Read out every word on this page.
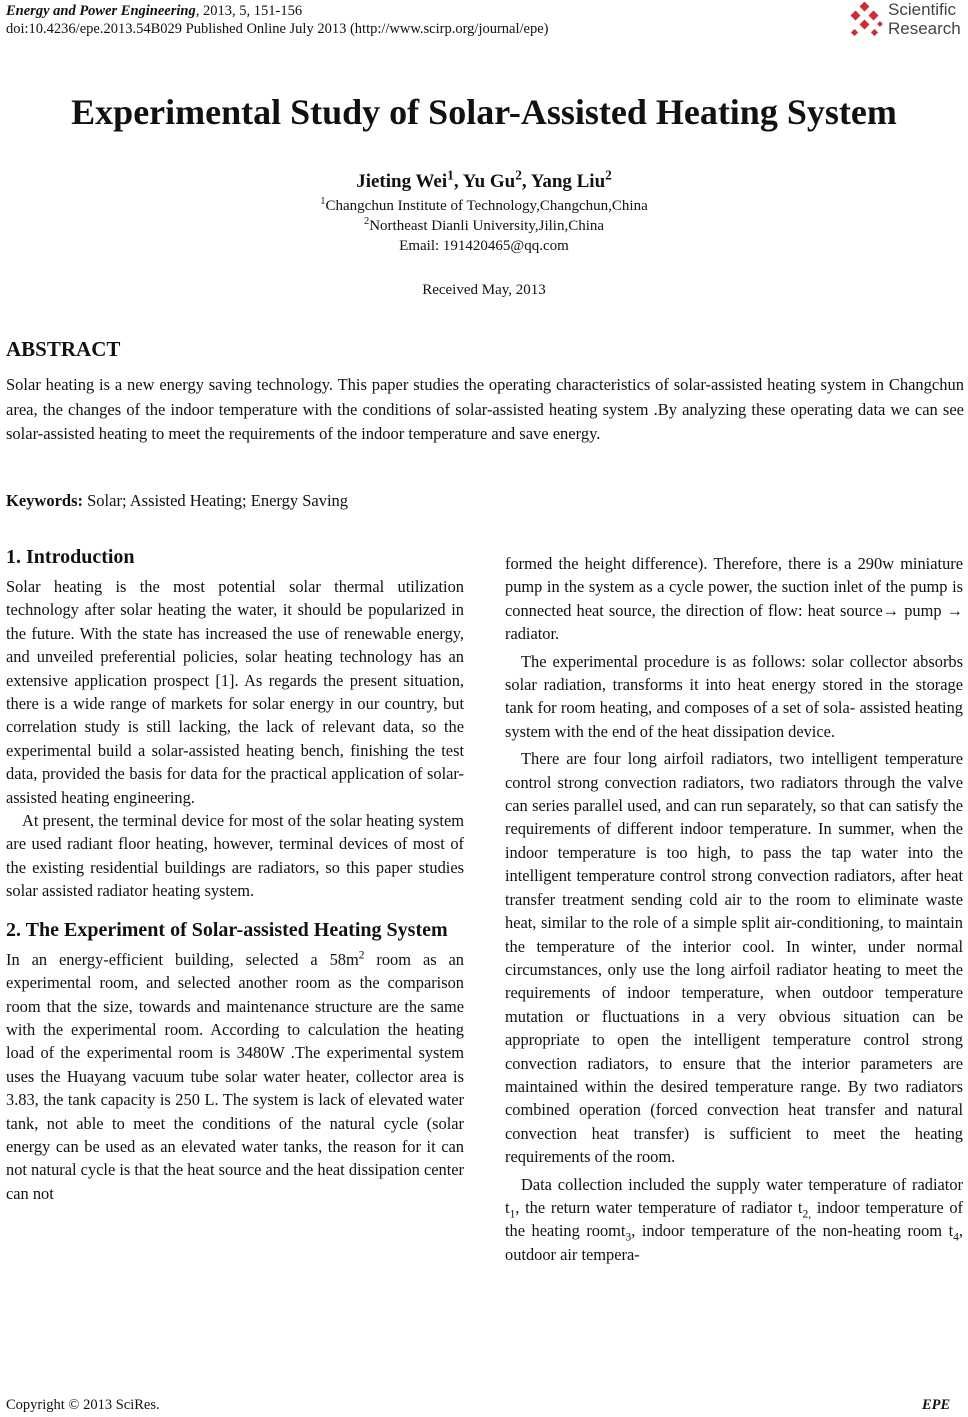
Energy and Power Engineering, 2013, 5, 151-156
doi:10.4236/epe.2013.54B029 Published Online July 2013 (http://www.scirp.org/journal/epe)
Scientific
Research
Experimental Study of Solar-Assisted Heating System
Jieting Wei$^1$, Yu Gu$^2$, Yang Liu$^2$
$^1$Changchun Institute of Technology,Changchun,China
$^2$Northeast Dianli University,Jilin,China
Email: 191420465@qq.com
Received May, 2013
ABSTRACT

Solar heating is a new energy saving technology. This paper studies the operating characteristics of solar-assisted heating system in Changchun area, the changes of the indoor temperature with the conditions of solar-assisted heating system .By analyzing these operating data we can see solar-assisted heating to meet the requirements of the indoor temperature and save energy.

Keywords: Solar; Assisted Heating; Energy Saving
1. Introduction

Solar heating is the most potential solar thermal utilization technology after solar heating the water, it should be popularized in the future. With the state has increased the use of renewable energy, and unveiled preferential policies, solar heating technology has an extensive application prospect [1]. As regards the present situation, there is a wide range of markets for solar energy in our country, but correlation study is still lacking, the lack of relevant data, so the experimental build a solar-assisted heating bench, finishing the test data, provided the basis for data for the practical application of solar-assisted heating engineering.

At present, the terminal device for most of the solar heating system are used radiant floor heating, however, terminal devices of most of the existing residential buildings are radiators, so this paper studies solar assisted radiator heating system.

2. The Experiment of Solar-assisted Heating System

In an energy-efficient building, selected a $58m^2$ room as an experimental room, and selected another room as the comparison room that the size, towards and maintenance structure are the same with the experimental room. According to calculation the heating load of the experimental room is 3480W .The experimental system uses the Huayang vacuum tube solar water heater, collector area is 3.83, the tank capacity is 250 L. The system is lack of elevated water tank, not able to meet the conditions of the natural cycle (solar energy can be used as an elevated water tanks, the reason for it can not natural cycle is that the heat source and the heat dissipation center can not

formed the height difference). Therefore, there is a 290w miniature pump in the system as a cycle power, the suction inlet of the pump is connected heat source, the direction of flow: heat source→ pump → radiator.

The experimental procedure is as follows: solar collector absorbs solar radiation, transforms it into heat energy stored in the storage tank for room heating, and composes of a set of sola- assisted heating system with the end of the heat dissipation device.

There are four long airfoil radiators, two intelligent temperature control strong convection radiators, two radiators through the valve can series parallel used, and can run separately, so that can satisfy the requirements of different indoor temperature. In summer, when the indoor temperature is too high, to pass the tap water into the intelligent temperature control strong convection radiators, after heat transfer treatment sending cold air to the room to eliminate waste heat, similar to the role of a simple split air-conditioning, to maintain the temperature of the interior cool. In winter, under normal circumstances, only use the long airfoil radiator heating to meet the requirements of indoor temperature, when outdoor temperature mutation or fluctuations in a very obvious situation can be appropriate to open the intelligent temperature control strong convection radiators, to ensure that the interior parameters are maintained within the desired temperature range. By two radiators combined operation (forced convection heat transfer and natural convection heat transfer) is sufficient to meet the heating requirements of the room.

Data collection included the supply water temperature of radiator $t_1$, the return water temperature of radiator $t_{2,}$ indoor temperature of the heating roomt$_3$, indoor temperature of the non-heating room $t_4$, outdoor air tempera-

Copyright © 2013 SciRes.	EPE
